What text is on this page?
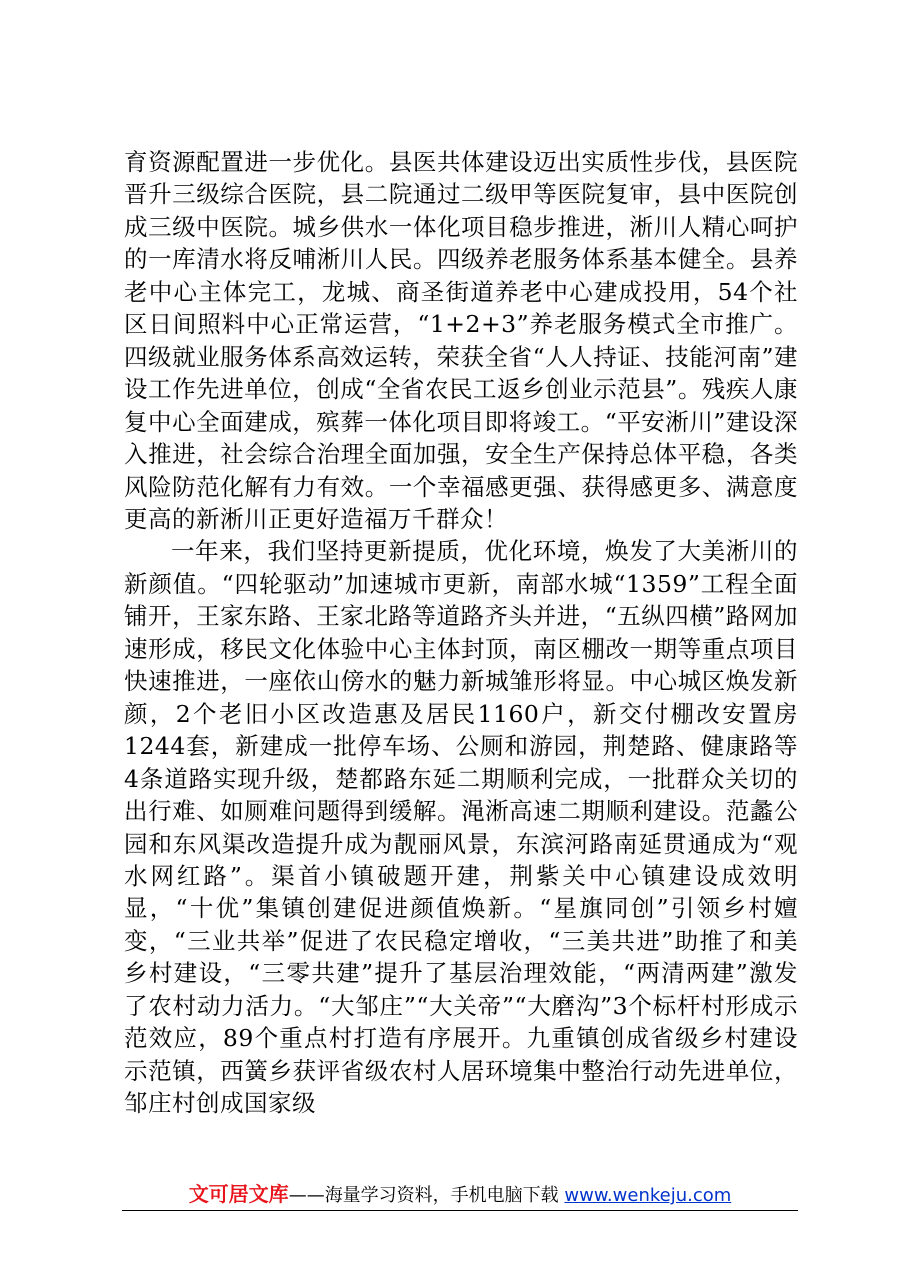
育资源配置进一步优化。县医共体建设迈出实质性步伐，县医院晋升三级综合医院，县二院通过二级甲等医院复审，县中医院创成三级中医院。城乡供水一体化项目稳步推进，淅川人精心呵护的一库清水将反哺淅川人民。四级养老服务体系基本健全。县养老中心主体完工，龙城、商圣街道养老中心建成投用，54个社区日间照料中心正常运营，“1+2+3”养老服务模式全市推广。四级就业服务体系高效运转，荣获全省“人人持证、技能河南”建设工作先进单位，创成“全省农民工返乡创业示范县”。残疾人康复中心全面建成，殡葬一体化项目即将竣工。“平安淅川”建设深入推进，社会综合治理全面加强，安全生产保持总体平稳，各类风险防范化解有力有效。一个幸福感更强、获得感更多、满意度更高的新淅川正更好造福万千群众！

一年来，我们坚持更新提质，优化环境，焕发了大美淅川的新颜值。“四轮驱动”加速城市更新，南部水城“1359”工程全面铺开，王家东路、王家北路等道路齐头并进，“五纵四横”路网加速形成，移民文化体验中心主体封顶，南区棚改一期等重点项目快速推进，一座依山傍水的魅力新城雏形将显。中心城区焕发新颜，2个老旧小区改造惠及居民1160户，新交付棚改安置房1244套，新建成一批停车场、公厕和游园，荆楚路、健康路等4条道路实现升级，楚都路东延二期顺利完成，一批群众关切的出行难、如厕难问题得到缓解。渑淅高速二期顺利建设。范蠡公园和东风渠改造提升成为靓丽风景，东滨河路南延贯通成为“观水网红路”。渠首小镇破题开建，荆紫关中心镇建设成效明显，“十优”集镇创建促进颜值焕新。“星旗同创”引领乡村嬗变，“三业共举”促进了农民稳定增收，“三美共进”助推了和美乡村建设，“三零共建”提升了基层治理效能，“两清两建”激发了农村动力活力。“大邹庄”“大关帝”“大磨沟”3个标杆村形成示范效应，89个重点村打造有序展开。九重镇创成省级乡村建设示范镇，西簧乡获评省级农村人居环境集中整治行动先进单位，邹庄村创成国家级

文可居文库——海量学习资料，手机电脑下载 www.wenkeju.com
